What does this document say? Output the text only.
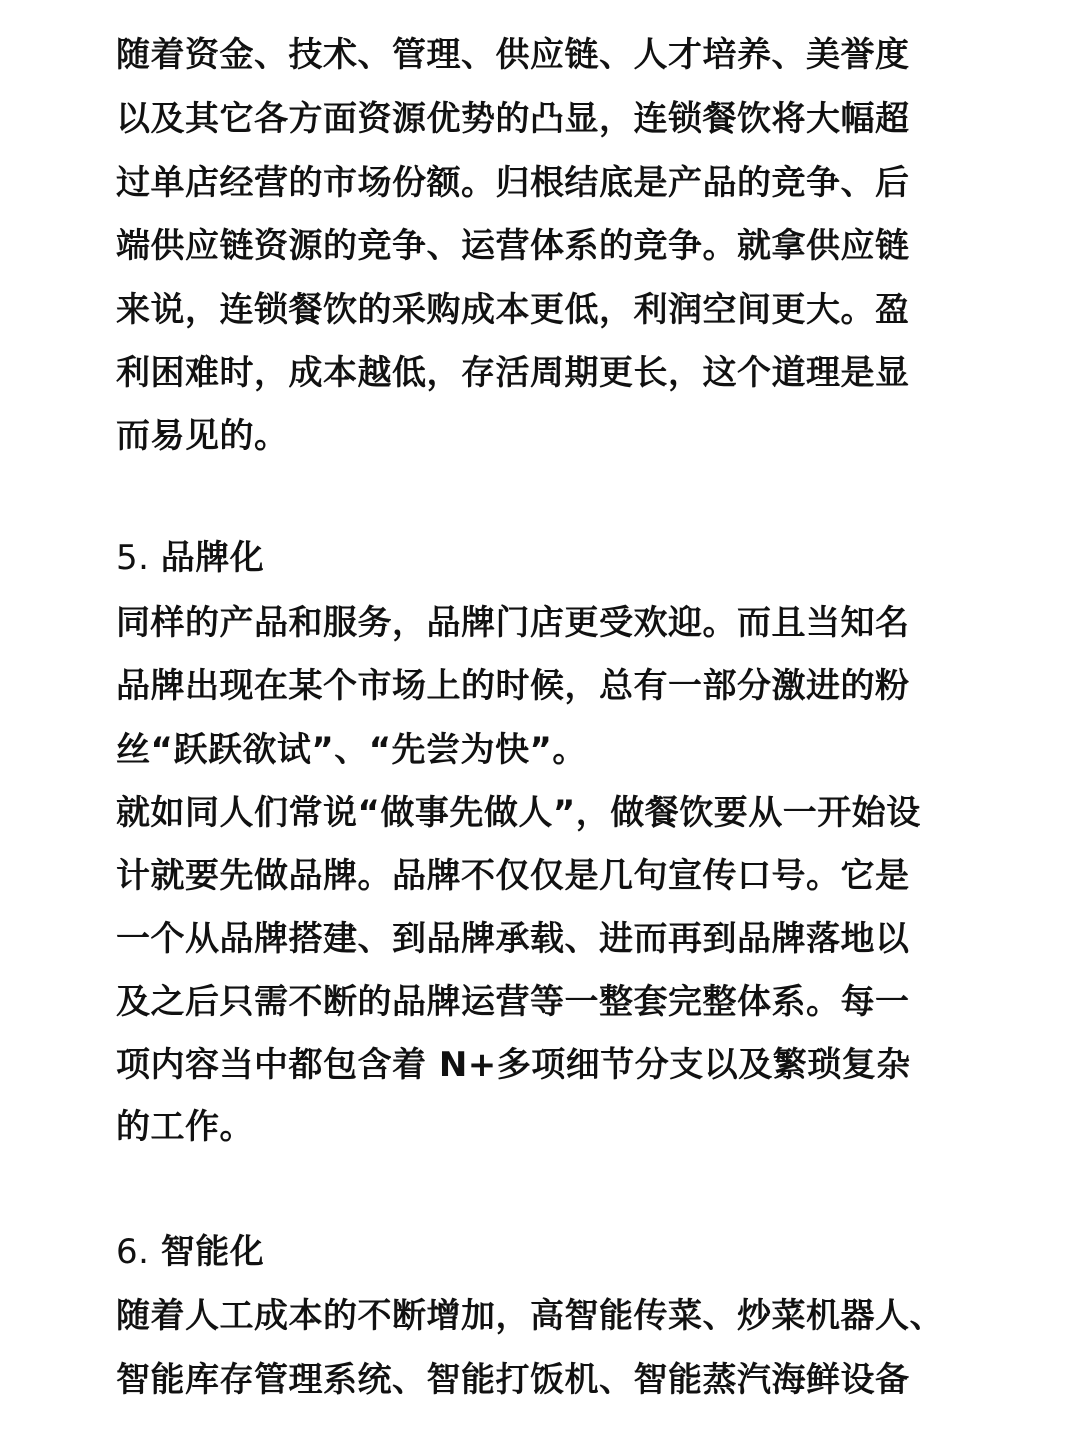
随着资金、技术、管理、供应链、人才培养、美誉度
以及其它各方面资源优势的凸显，连锁餐饮将大幅超
过单店经营的市场份额。归根结底是产品的竞争、后
端供应链资源的竞争、运营体系的竞争。就拿供应链
来说，连锁餐饮的采购成本更低，利润空间更大。盈
利困难时，成本越低，存活周期更长，这个道理是显
而易见的。
5. 品牌化
同样的产品和服务，品牌门店更受欢迎。而且当知名
品牌出现在某个市场上的时候，总有一部分激进的粉
丝“跃跃欲试”、“先尝为快”。
就如同人们常说“做事先做人”，做餐饮要从一开始设
计就要先做品牌。品牌不仅仅是几句宣传口号。它是
一个从品牌搭建、到品牌承载、进而再到品牌落地以
及之后只需不断的品牌运营等一整套完整体系。每一
项内容当中都包含着 N+多项细节分支以及繁琐复杂
的工作。
6. 智能化
随着人工成本的不断增加，高智能传菜、炒菜机器人、
智能库存管理系统、智能打饭机、智能蒸汽海鲜设备
